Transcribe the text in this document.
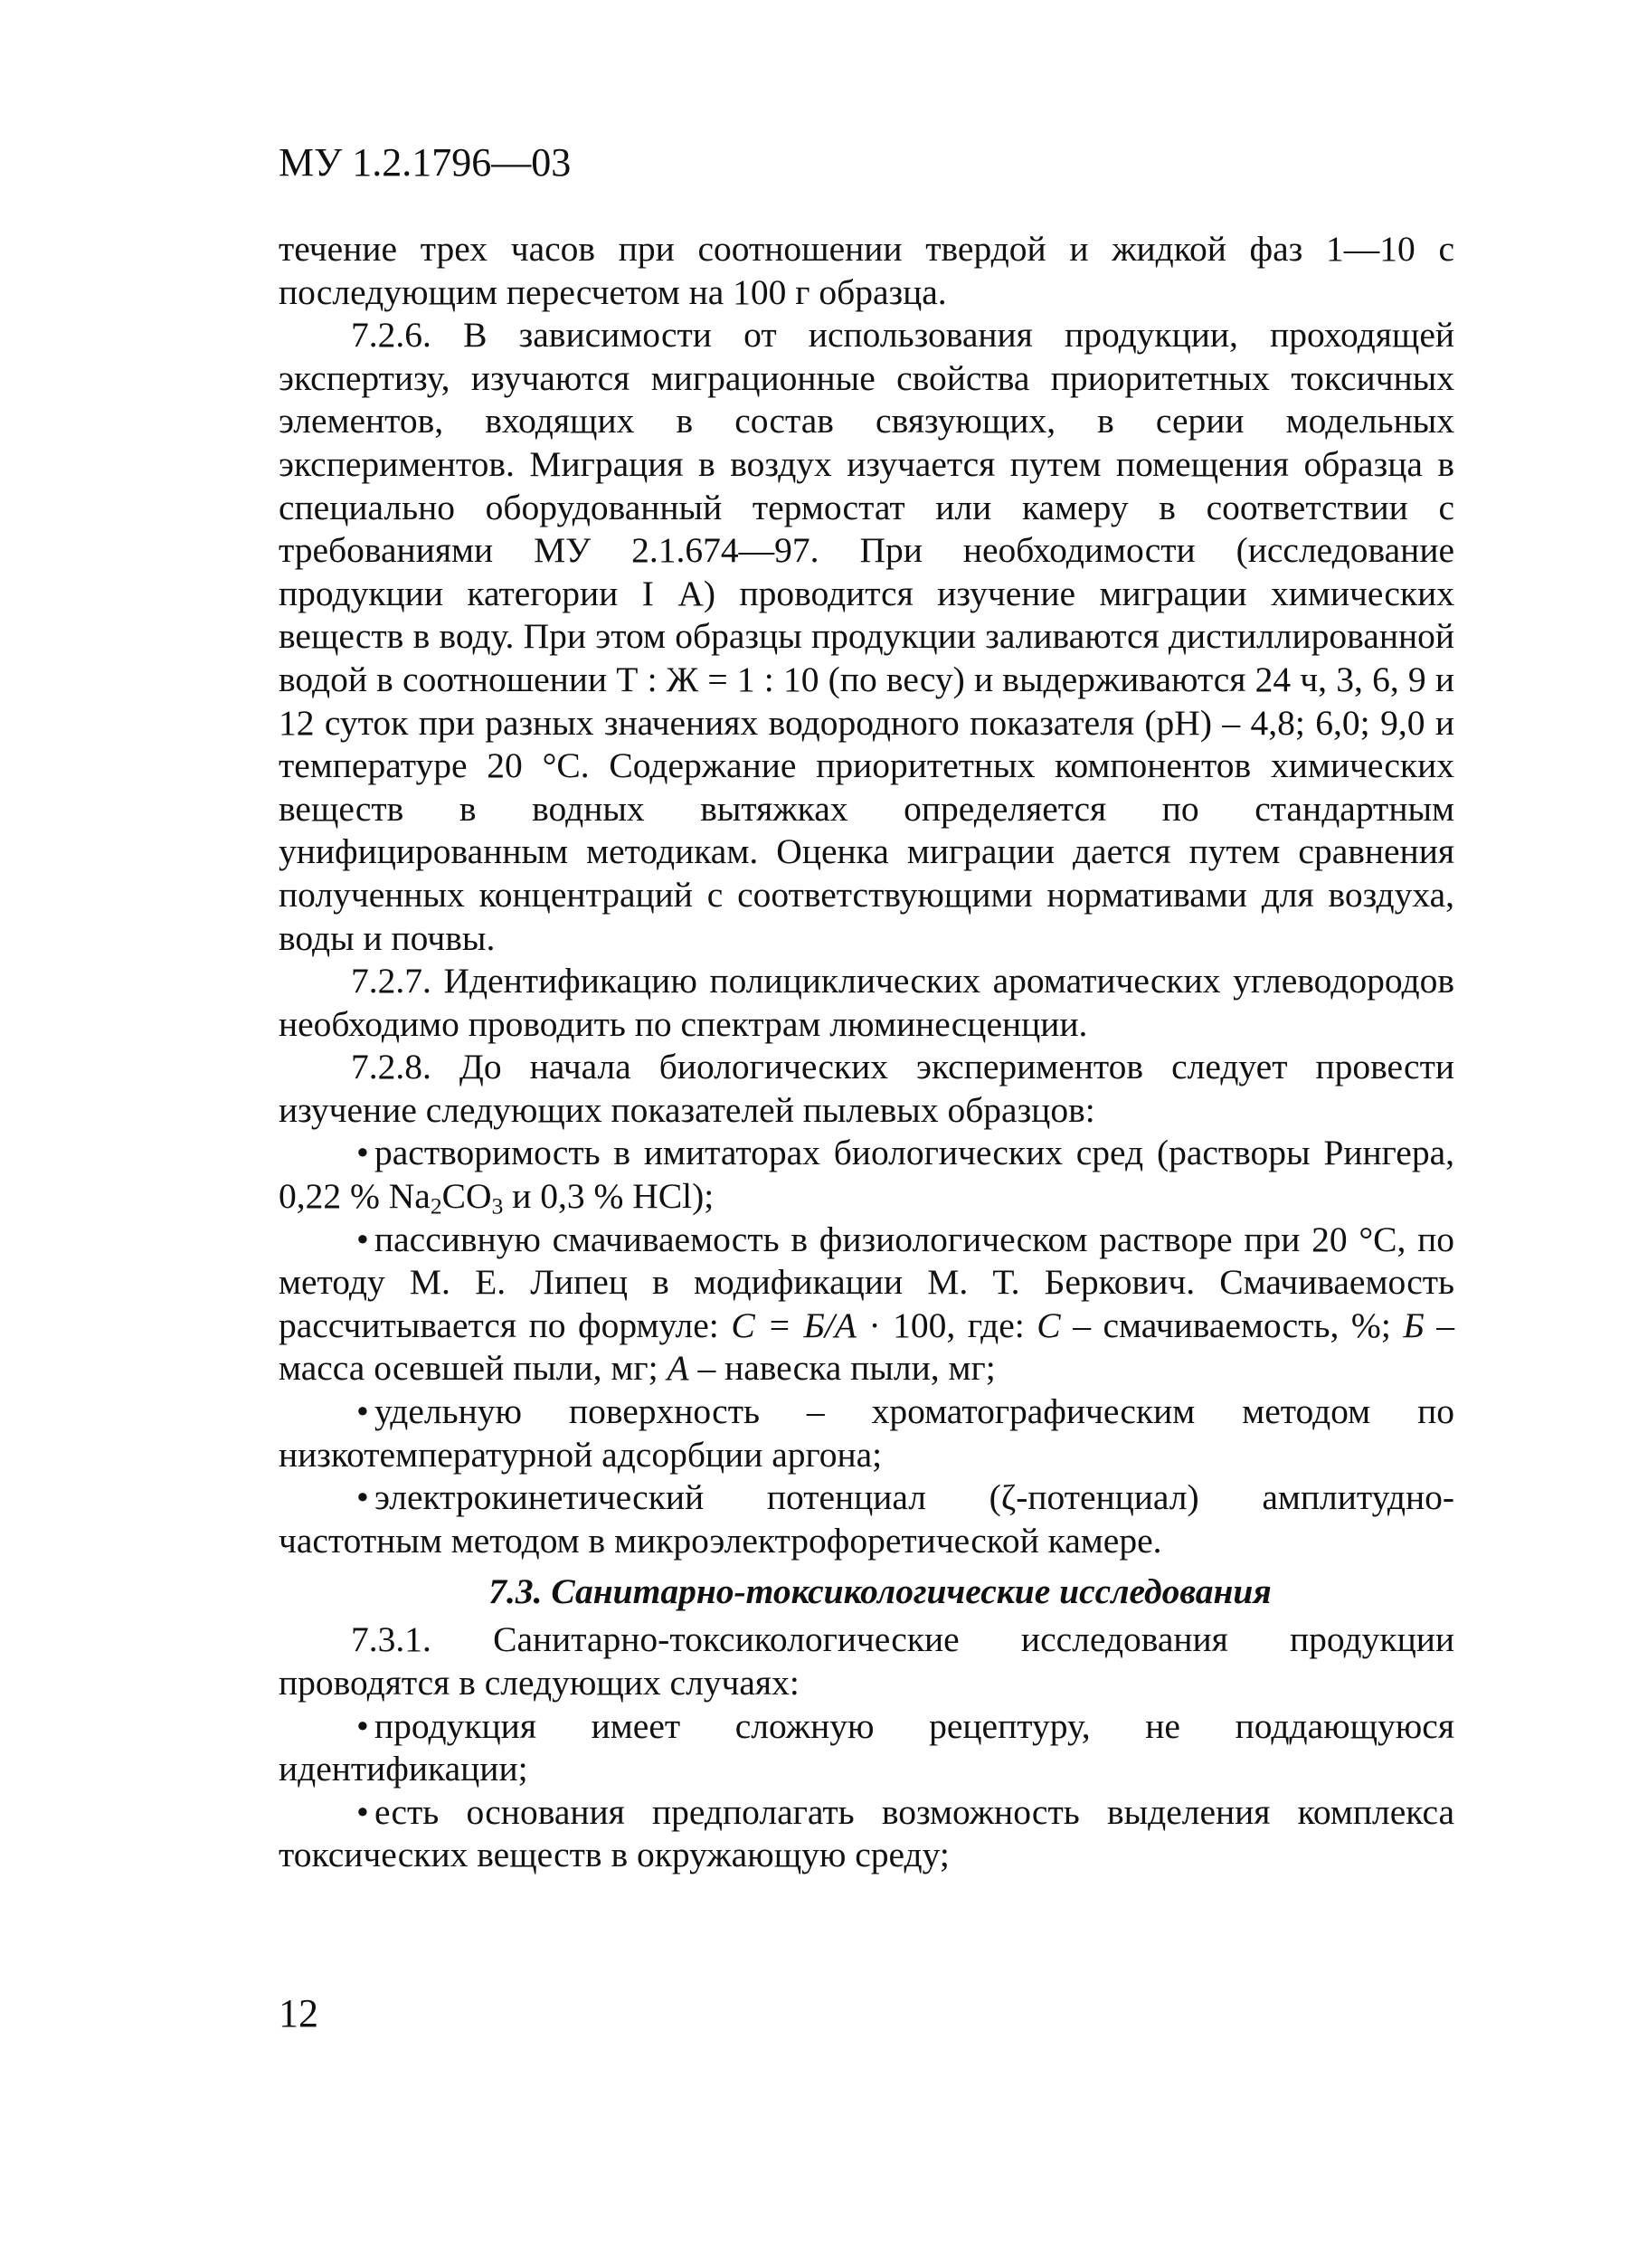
МУ 1.2.1796—03

течение трех часов при соотношении твердой и жидкой фаз 1—10 с последующим пересчетом на 100 г образца.

7.2.6. В зависимости от использования продукции, проходящей экспертизу, изучаются миграционные свойства приоритетных токсичных элементов, входящих в состав связующих, в серии модельных экспериментов. Миграция в воздух изучается путем помещения образца в специально оборудованный термостат или камеру в соответствии с требованиями МУ 2.1.674—97. При необходимости (исследование продукции категории I А) проводится изучение миграции химических веществ в воду. При этом образцы продукции заливаются дистиллированной водой в соотношении Т : Ж = 1 : 10 (по весу) и выдерживаются 24 ч, 3, 6, 9 и 12 суток при разных значениях водородного показателя (pH) – 4,8; 6,0; 9,0 и температуре 20 °С. Содержание приоритетных компонентов химических веществ в водных вытяжках определяется по стандартным унифицированным методикам. Оценка миграции дается путем сравнения полученных концентраций с соответствующими нормативами для воздуха, воды и почвы.

7.2.7. Идентификацию полициклических ароматических углеводородов необходимо проводить по спектрам люминесценции.

7.2.8. До начала биологических экспериментов следует провести изучение следующих показателей пылевых образцов:

• растворимость в имитаторах биологических сред (растворы Рингера, 0,22 % $Na_2CO_3$ и 0,3 % HCl);

• пассивную смачиваемость в физиологическом растворе при 20 °С, по методу М. Е. Липец в модификации М. Т. Беркович. Смачиваемость рассчитывается по формуле: С = Б/А · 100, где: С – смачиваемость, %; Б – масса осевшей пыли, мг; А – навеска пыли, мг;

• удельную поверхность – хроматографическим методом по низкотемпературной адсорбции аргона;

• электрокинетический потенциал (ζ-потенциал) амплитудно-частотным методом в микроэлектрофоретической камере.

7.3. Санитарно-токсикологические исследования

7.3.1. Санитарно-токсикологические исследования продукции проводятся в следующих случаях:

• продукция имеет сложную рецептуру, не поддающуюся идентификации;

• есть основания предполагать возможность выделения комплекса токсических веществ в окружающую среду;

12
